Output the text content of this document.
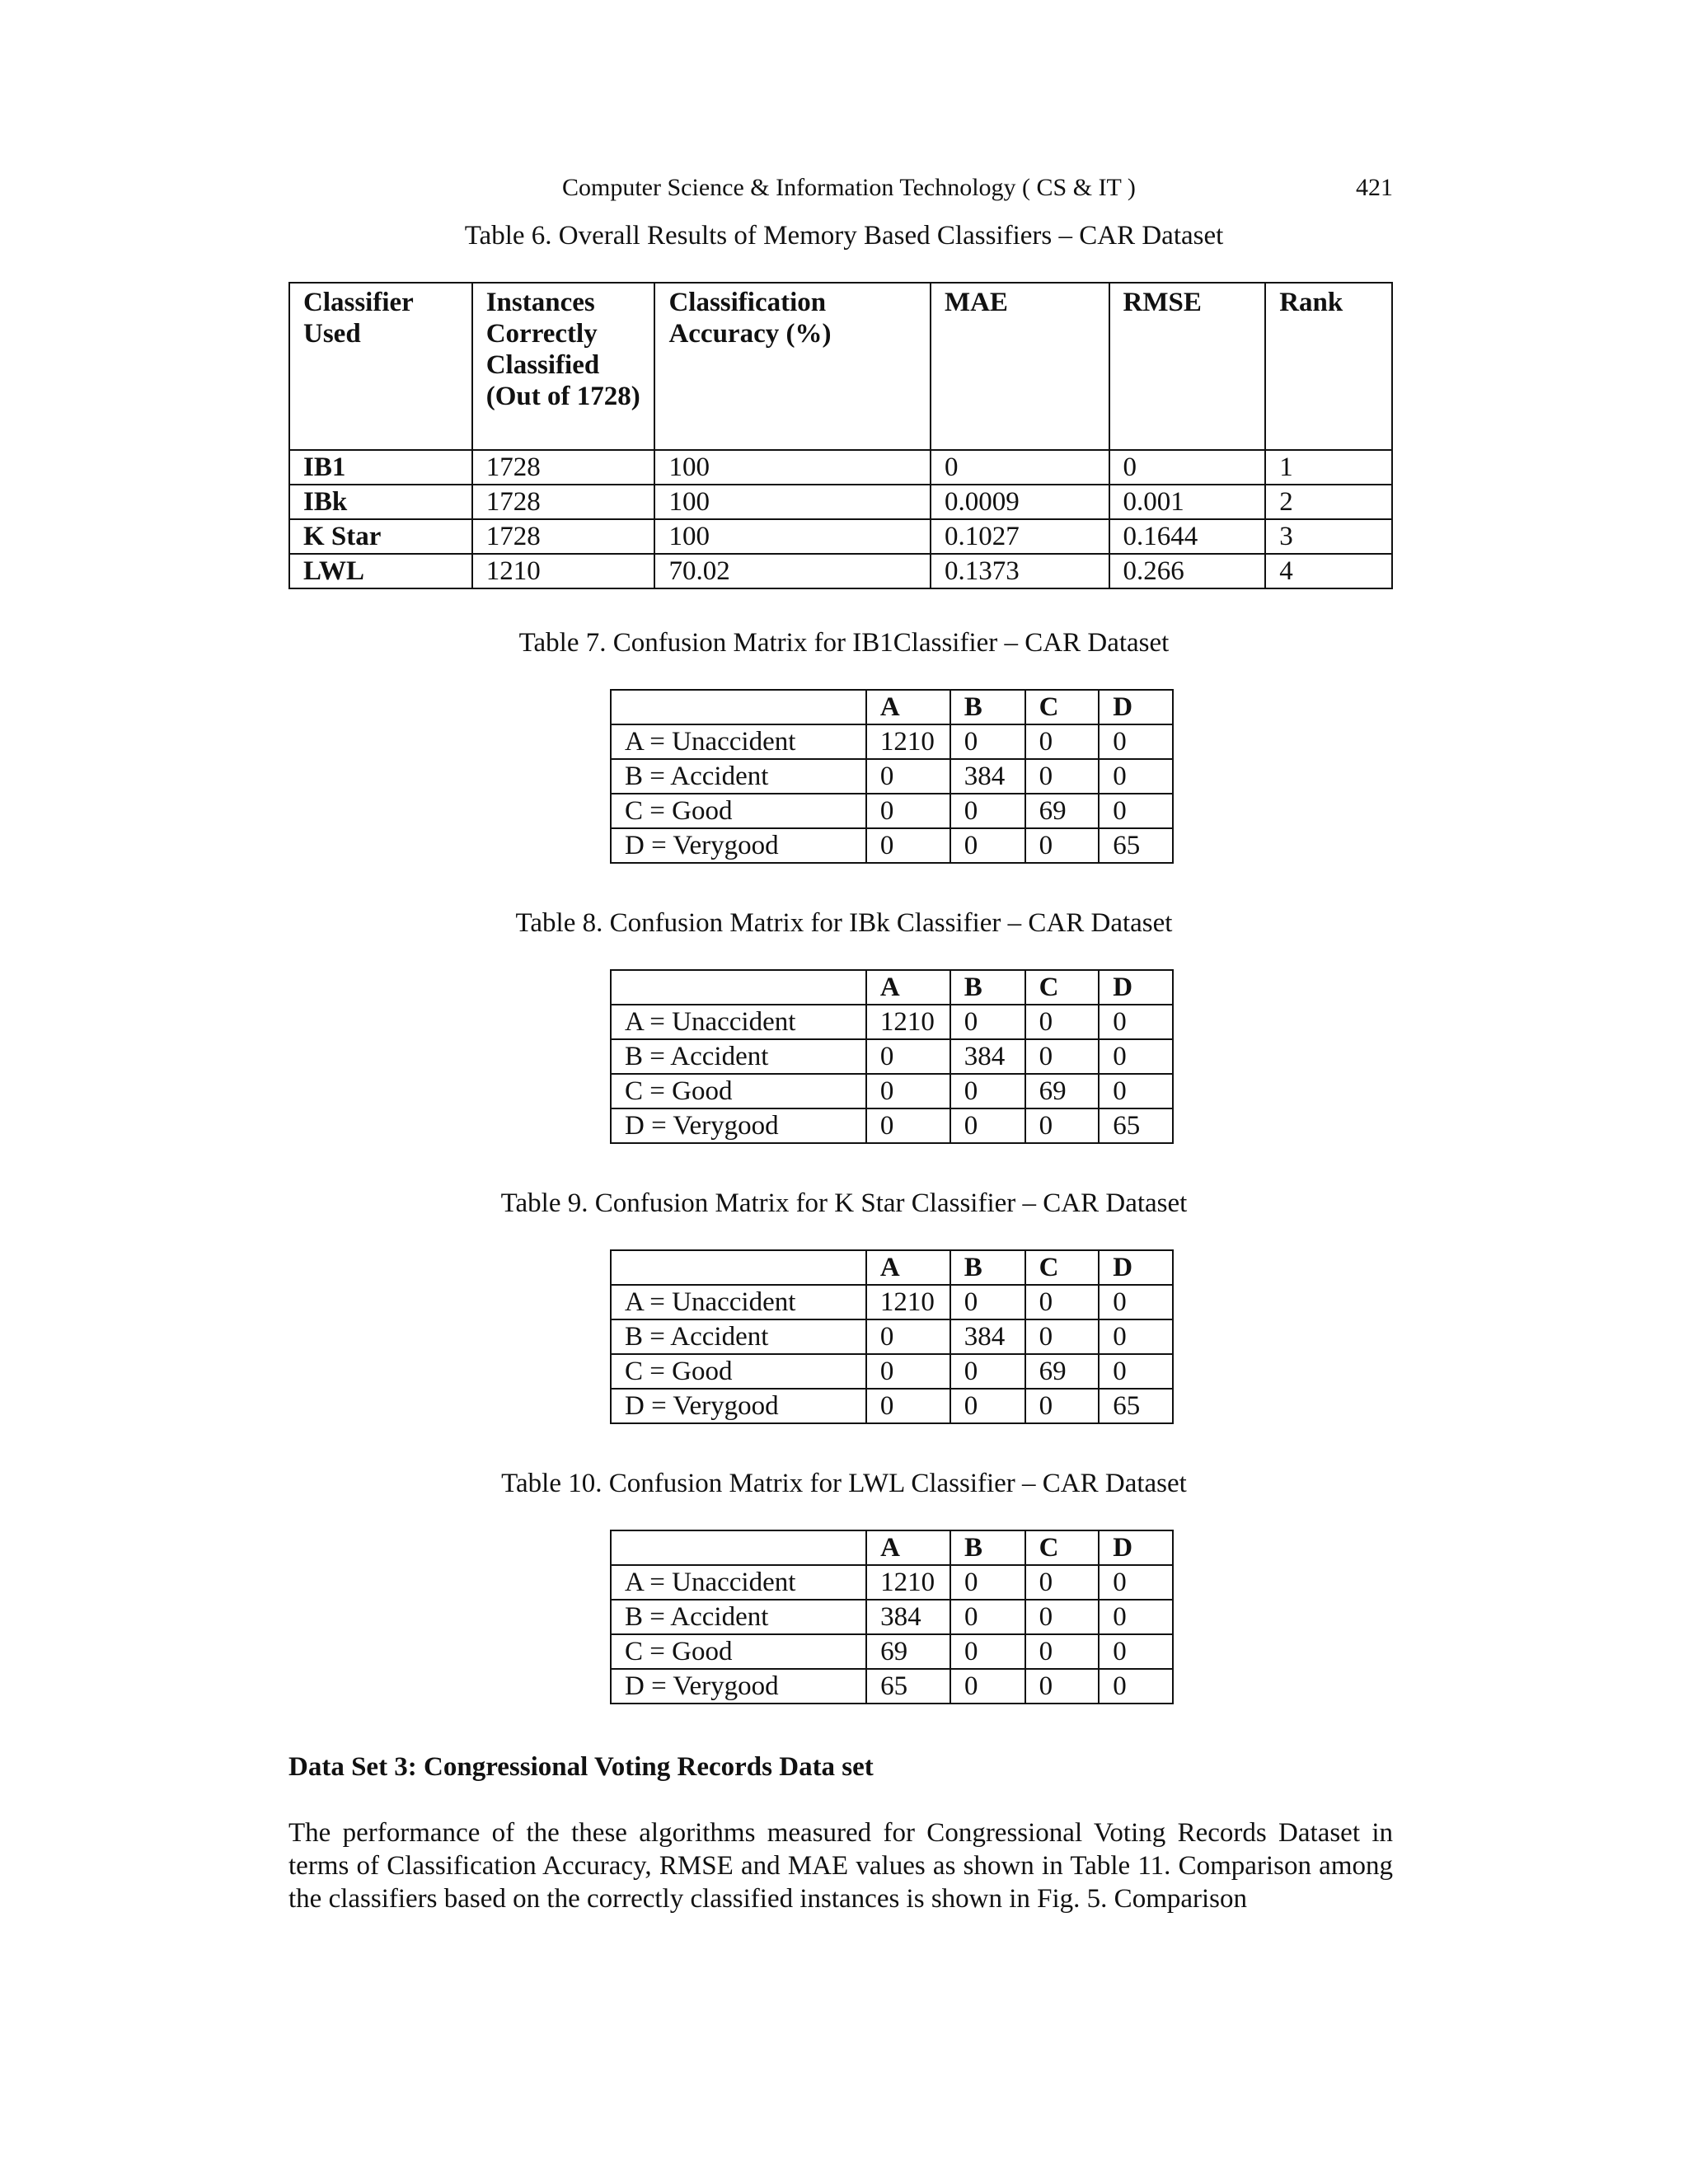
Computer Science & Information Technology ( CS & IT )	421
Table 6. Overall Results of Memory Based Classifiers – CAR Dataset
Classifier Used	Instances Correctly Classified (Out of 1728)	Classification Accuracy (%)	MAE	RMSE	Rank
IB1	1728	100	0	0	1
IBk	1728	100	0.0009	0.001	2
K Star	1728	100	0.1027	0.1644	3
LWL	1210	70.02	0.1373	0.266	4
Table 7. Confusion Matrix for IB1Classifier – CAR Dataset
	A	B	C	D
A = Unaccident	1210	0	0	0
B = Accident	0	384	0	0
C = Good	0	0	69	0
D = Verygood	0	0	0	65
Table 8. Confusion Matrix for IBk Classifier – CAR Dataset
	A	B	C	D
A = Unaccident	1210	0	0	0
B = Accident	0	384	0	0
C = Good	0	0	69	0
D = Verygood	0	0	0	65
Table 9. Confusion Matrix for K Star Classifier – CAR Dataset
	A	B	C	D
A = Unaccident	1210	0	0	0
B = Accident	0	384	0	0
C = Good	0	0	69	0
D = Verygood	0	0	0	65
Table 10. Confusion Matrix for LWL Classifier – CAR Dataset
	A	B	C	D
A = Unaccident	1210	0	0	0
B = Accident	384	0	0	0
C = Good	69	0	0	0
D = Verygood	65	0	0	0
Data Set 3: Congressional Voting Records Data set

The performance of the these algorithms measured for Congressional Voting Records Dataset in terms of Classification Accuracy, RMSE and MAE values as shown in Table 11. Comparison among the classifiers based on the correctly classified instances is shown in Fig. 5. Comparison
